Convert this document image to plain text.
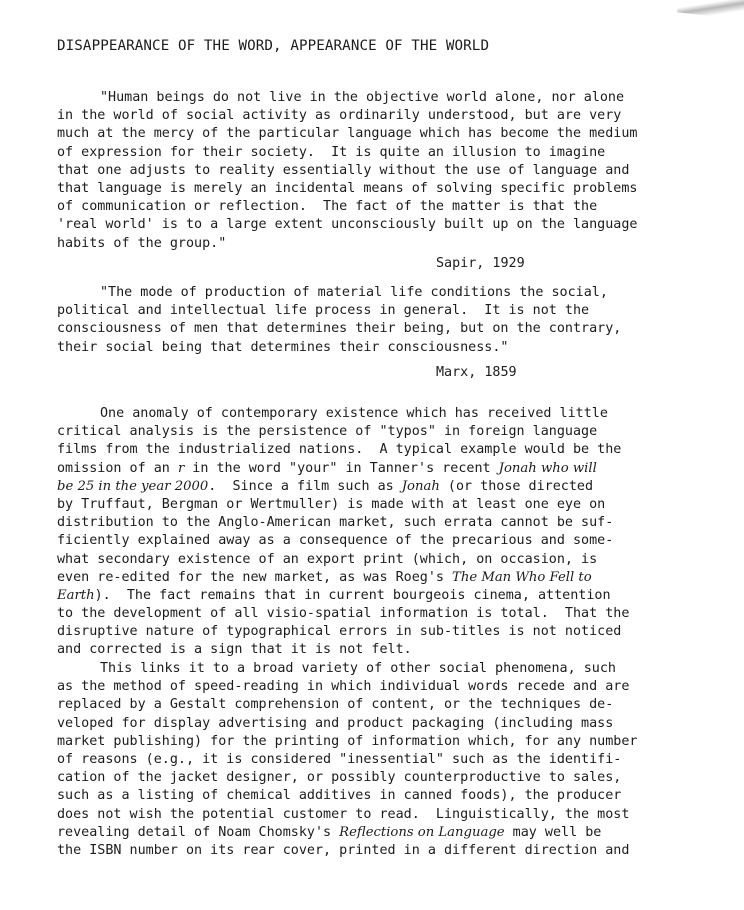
DISAPPEARANCE OF THE WORD, APPEARANCE OF THE WORLD
"Human beings do not live in the objective world alone, nor alone
in the world of social activity as ordinarily understood, but are very
much at the mercy of the particular language which has become the medium
of expression for their society.  It is quite an illusion to imagine
that one adjusts to reality essentially without the use of language and
that language is merely an incidental means of solving specific problems
of communication or reflection.  The fact of the matter is that the
'real world' is to a large extent unconsciously built up on the language
habits of the group."
Sapir, 1929
"The mode of production of material life conditions the social,
political and intellectual life process in general.  It is not the
consciousness of men that determines their being, but on the contrary,
their social being that determines their consciousness."
Marx, 1859
One anomaly of contemporary existence which has received little
critical analysis is the persistence of "typos" in foreign language
films from the industrialized nations.  A typical example would be the
omission of an r in the word "your" in Tanner's recent Jonah who will
be 25 in the year 2000.  Since a film such as Jonah (or those directed
by Truffaut, Bergman or Wertmuller) is made with at least one eye on
distribution to the Anglo-American market, such errata cannot be suf-
ficiently explained away as a consequence of the precarious and some-
what secondary existence of an export print (which, on occasion, is
even re-edited for the new market, as was Roeg's The Man Who Fell to
Earth).  The fact remains that in current bourgeois cinema, attention
to the development of all visio-spatial information is total.  That the
disruptive nature of typographical errors in sub-titles is not noticed
and corrected is a sign that it is not felt.
This links it to a broad variety of other social phenomena, such
as the method of speed-reading in which individual words recede and are
replaced by a Gestalt comprehension of content, or the techniques de-
veloped for display advertising and product packaging (including mass
market publishing) for the printing of information which, for any number
of reasons (e.g., it is considered "inessential" such as the identifi-
cation of the jacket designer, or possibly counterproductive to sales,
such as a listing of chemical additives in canned foods), the producer
does not wish the potential customer to read.  Linguistically, the most
revealing detail of Noam Chomsky's Reflections on Language may well be
the ISBN number on its rear cover, printed in a different direction and
